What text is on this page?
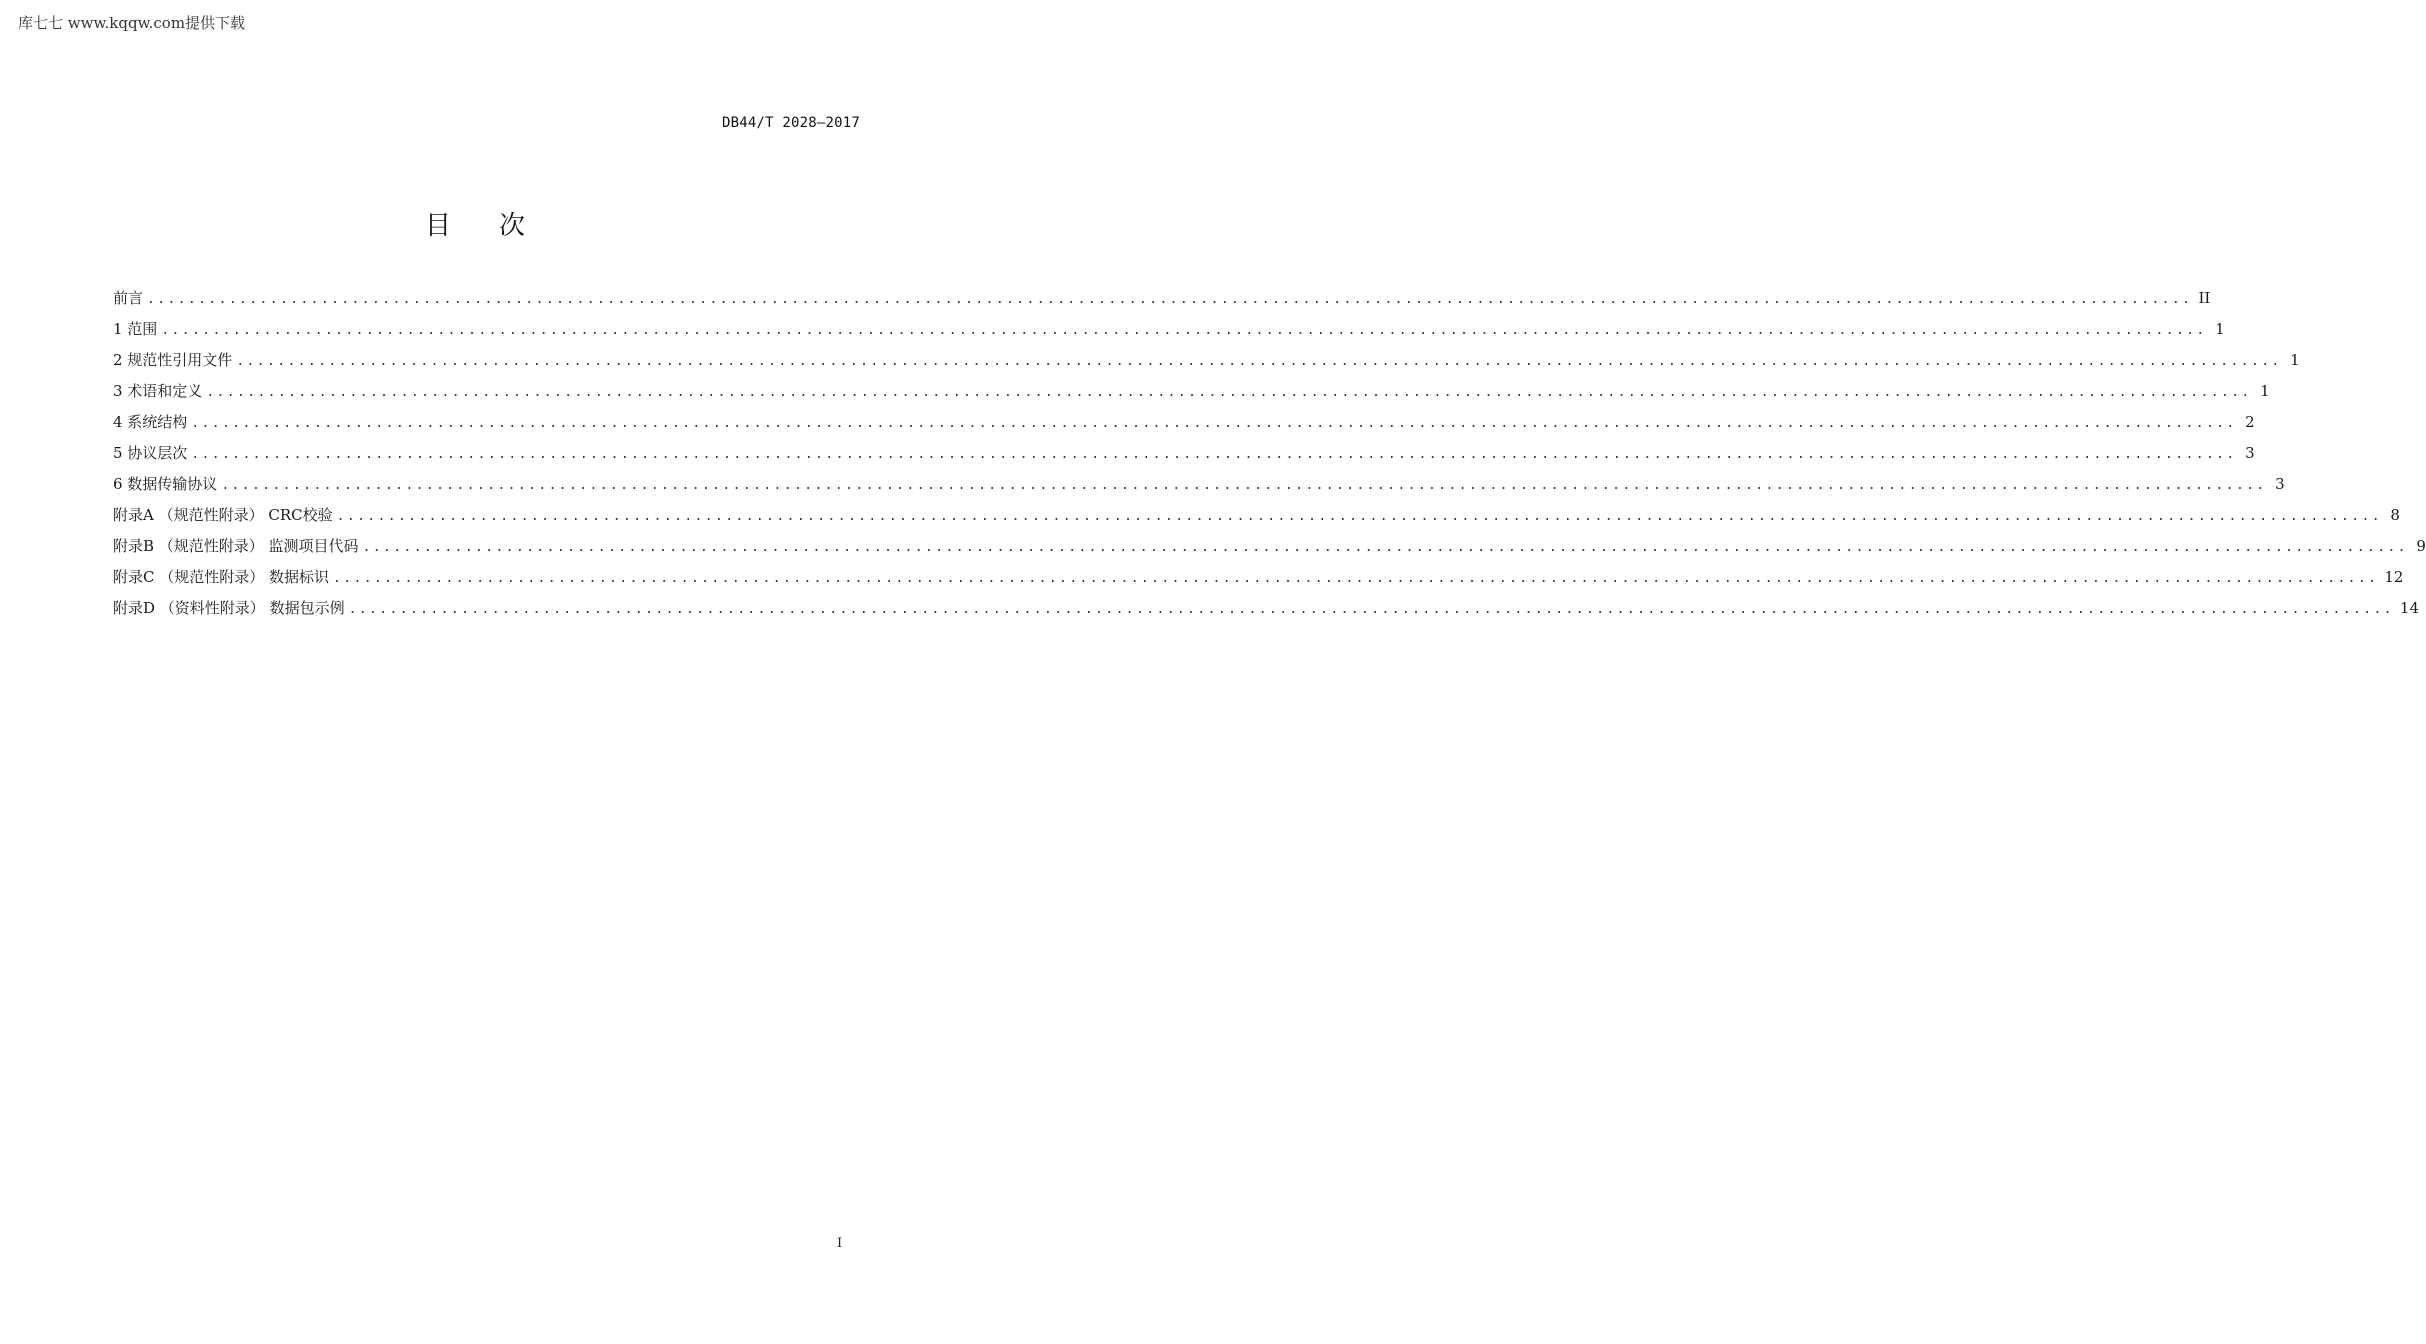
库七七 www.kqqw.com提供下载
DB44/T 2028—2017
目次
前言 ........................................................................................................................................................................................................ II
1 范围 ........................................................................................................................................................................................................ 1
2 规范性引用文件 ........................................................................................................................................................................................................ 1
3 术语和定义 ........................................................................................................................................................................................................ 1
4 系统结构 ........................................................................................................................................................................................................ 2
5 协议层次 ........................................................................................................................................................................................................ 3
6 数据传输协议 ........................................................................................................................................................................................................ 3
附录A （规范性附录） CRC校验 ........................................................................................................................................................................................................ 8
附录B （规范性附录） 监测项目代码 ........................................................................................................................................................................................................ 9
附录C （规范性附录） 数据标识 ........................................................................................................................................................................................................ 12
附录D （资料性附录） 数据包示例 ........................................................................................................................................................................................................ 14
I
